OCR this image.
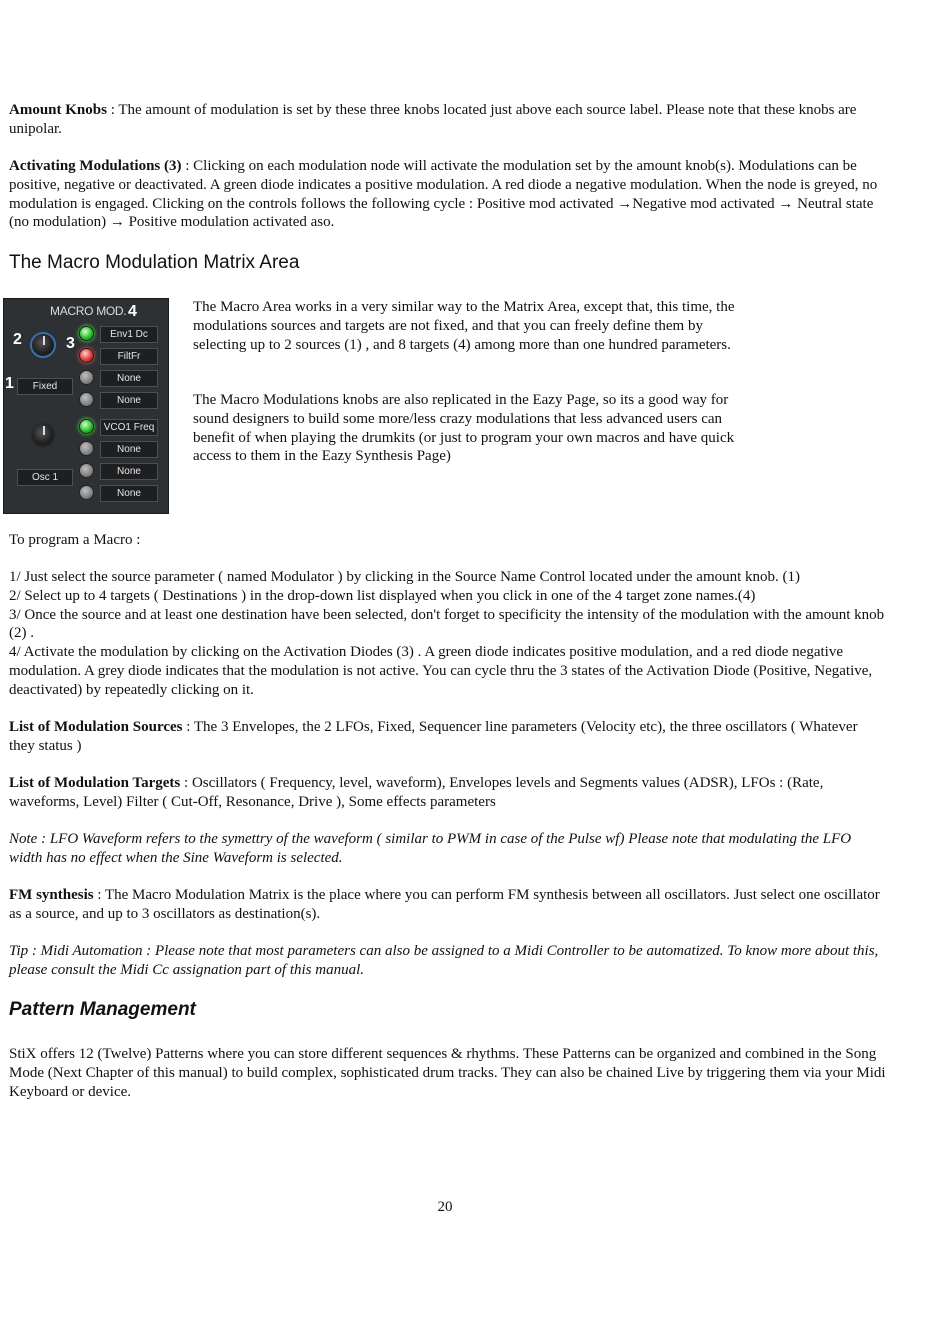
Amount Knobs : The amount of modulation is set by these three knobs located just above each source label. Please note that these knobs are unipolar.

Activating Modulations (3) : Clicking on each modulation node will activate the modulation set by the amount knob(s). Modulations can be positive, negative or deactivated. A green diode indicates a positive modulation. A red diode a negative modulation. When the node is greyed, no modulation is engaged. Clicking on the controls follows the following cycle : Positive mod activated →Negative mod activated → Neutral state (no modulation) → Positive modulation activated aso.

The Macro Modulation Matrix Area
MACRO MOD. 4
2	3
1	Fixed
Osc 1
Env1 Dc
FiltFr
None
None
VCO1 Freq
None
None
None

The Macro Area works in a very similar way to the Matrix Area, except that, this time, the modulations sources and targets are not fixed, and that you can freely define them by selecting up to 2 sources (1) , and 8 targets (4) among more than one hundred parameters.

The Macro Modulations knobs are also replicated in the Eazy Page, so its a good way for sound designers to build some more/less crazy modulations that less advanced users can benefit of when playing the drumkits (or just to program your own macros and have quick access to them in the Eazy Synthesis Page)

To program a Macro :

1/ Just select the source parameter ( named Modulator ) by clicking in the Source Name Control located under the amount knob. (1)
2/ Select up to 4 targets ( Destinations ) in the drop-down list displayed when you click in one of the 4 target zone names.(4)
3/ Once the source and at least one destination have been selected, don't forget to specificity the intensity of the modulation with the amount knob (2) .
4/ Activate the modulation by clicking on the Activation Diodes (3) . A green diode indicates positive modulation, and a red diode negative modulation. A grey diode indicates that the modulation is not active. You can cycle thru the 3 states of the Activation Diode (Positive, Negative, deactivated) by repeatedly clicking on it.

List of Modulation Sources : The 3 Envelopes, the 2 LFOs, Fixed, Sequencer line parameters (Velocity etc), the three oscillators ( Whatever they status )

List of Modulation Targets : Oscillators ( Frequency, level, waveform), Envelopes levels and Segments values (ADSR), LFOs : (Rate, waveforms, Level) Filter ( Cut-Off, Resonance, Drive ), Some effects parameters

Note : LFO Waveform refers to the symettry of the waveform ( similar to PWM in case of the Pulse wf) Please note that modulating the LFO width has no effect when the Sine Waveform is selected.

FM synthesis : The Macro Modulation Matrix is the place where you can perform FM synthesis between all oscillators. Just select one oscillator as a source, and up to 3 oscillators as destination(s).

Tip : Midi Automation : Please note that most parameters can also be assigned to a Midi Controller to be automatized. To know more about this, please consult the Midi Cc assignation part of this manual.

Pattern Management

StiX offers 12 (Twelve) Patterns where you can store different sequences & rhythms. These Patterns can be organized and combined in the Song Mode (Next Chapter of this manual) to build complex, sophisticated drum tracks. They can also be chained Live by triggering them via your Midi Keyboard or device.

20
